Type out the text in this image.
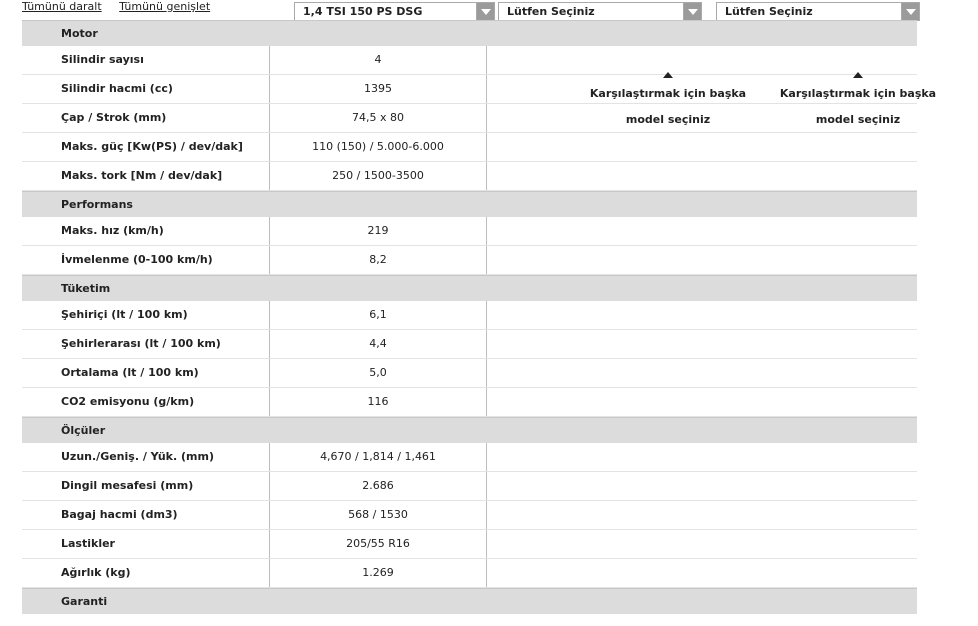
Tümünü daralt Tümünü genişlet	1,4 TSI 150 PS DSG	Lütfen Seçiniz	Lütfen Seçiniz
Motor
Silindir sayısı	4
Silindir hacmi (cc)	1395
Çap / Strok (mm)	74,5 x 80
Maks. güç [Kw(PS) / dev/dak]	110 (150) / 5.000-6.000
Maks. tork [Nm / dev/dak]	250 / 1500-3500
Performans
Maks. hız (km/h)	219
İvmelenme (0-100 km/h)	8,2
Tüketim
Şehiriçi (lt / 100 km)	6,1
Şehirlerarası (lt / 100 km)	4,4
Ortalama (lt / 100 km)	5,0
CO2 emisyonu (g/km)	116
Ölçüler
Uzun./Geniş. / Yük. (mm)	4,670 / 1,814 / 1,461
Dingil mesafesi (mm)	2.686
Bagaj hacmi (dm3)	568 / 1530
Lastikler	205/55 R16
Ağırlık (kg)	1.269
Garanti
Karşılaştırmak için başka
model seçiniz
Karşılaştırmak için başka
model seçiniz
